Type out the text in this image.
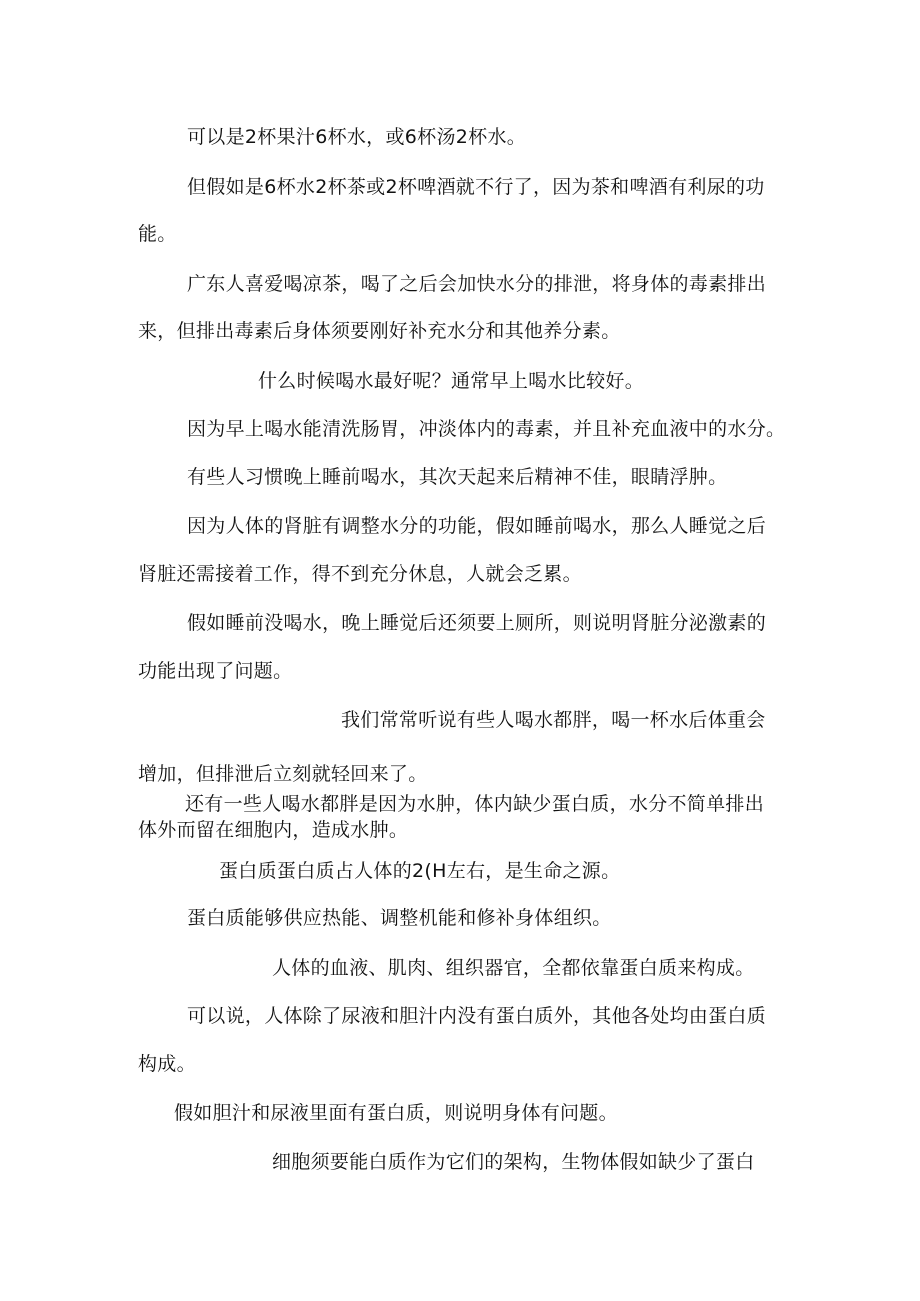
可以是2杯果汁6杯水，或6杯汤2杯水。

但假如是6杯水2杯茶或2杯啤酒就不行了，因为茶和啤酒有利尿的功

能。

广东人喜爱喝凉茶，喝了之后会加快水分的排泄，将身体的毒素排出

来，但排出毒素后身体须要刚好补充水分和其他养分素。

什么时候喝水最好呢？通常早上喝水比较好。

因为早上喝水能清洗肠胃，冲淡体内的毒素，并且补充血液中的水分。

有些人习惯晚上睡前喝水，其次天起来后精神不佳，眼睛浮肿。

因为人体的肾脏有调整水分的功能，假如睡前喝水，那么人睡觉之后

肾脏还需接着工作，得不到充分休息，人就会乏累。

假如睡前没喝水，晚上睡觉后还须要上厕所，则说明肾脏分泌激素的

功能出现了问题。

我们常常听说有些人喝水都胖，喝一杯水后体重会

增加，但排泄后立刻就轻回来了。

还有一些人喝水都胖是因为水肿，体内缺少蛋白质，水分不简单排出

体外而留在细胞内，造成水肿。

蛋白质蛋白质占人体的2(H左右，是生命之源。

蛋白质能够供应热能、调整机能和修补身体组织。

人体的血液、肌肉、组织器官，全都依靠蛋白质来构成。

可以说，人体除了尿液和胆汁内没有蛋白质外，其他各处均由蛋白质

构成。

假如胆汁和尿液里面有蛋白质，则说明身体有问题。

细胞须要能白质作为它们的架构，生物体假如缺少了蛋白
